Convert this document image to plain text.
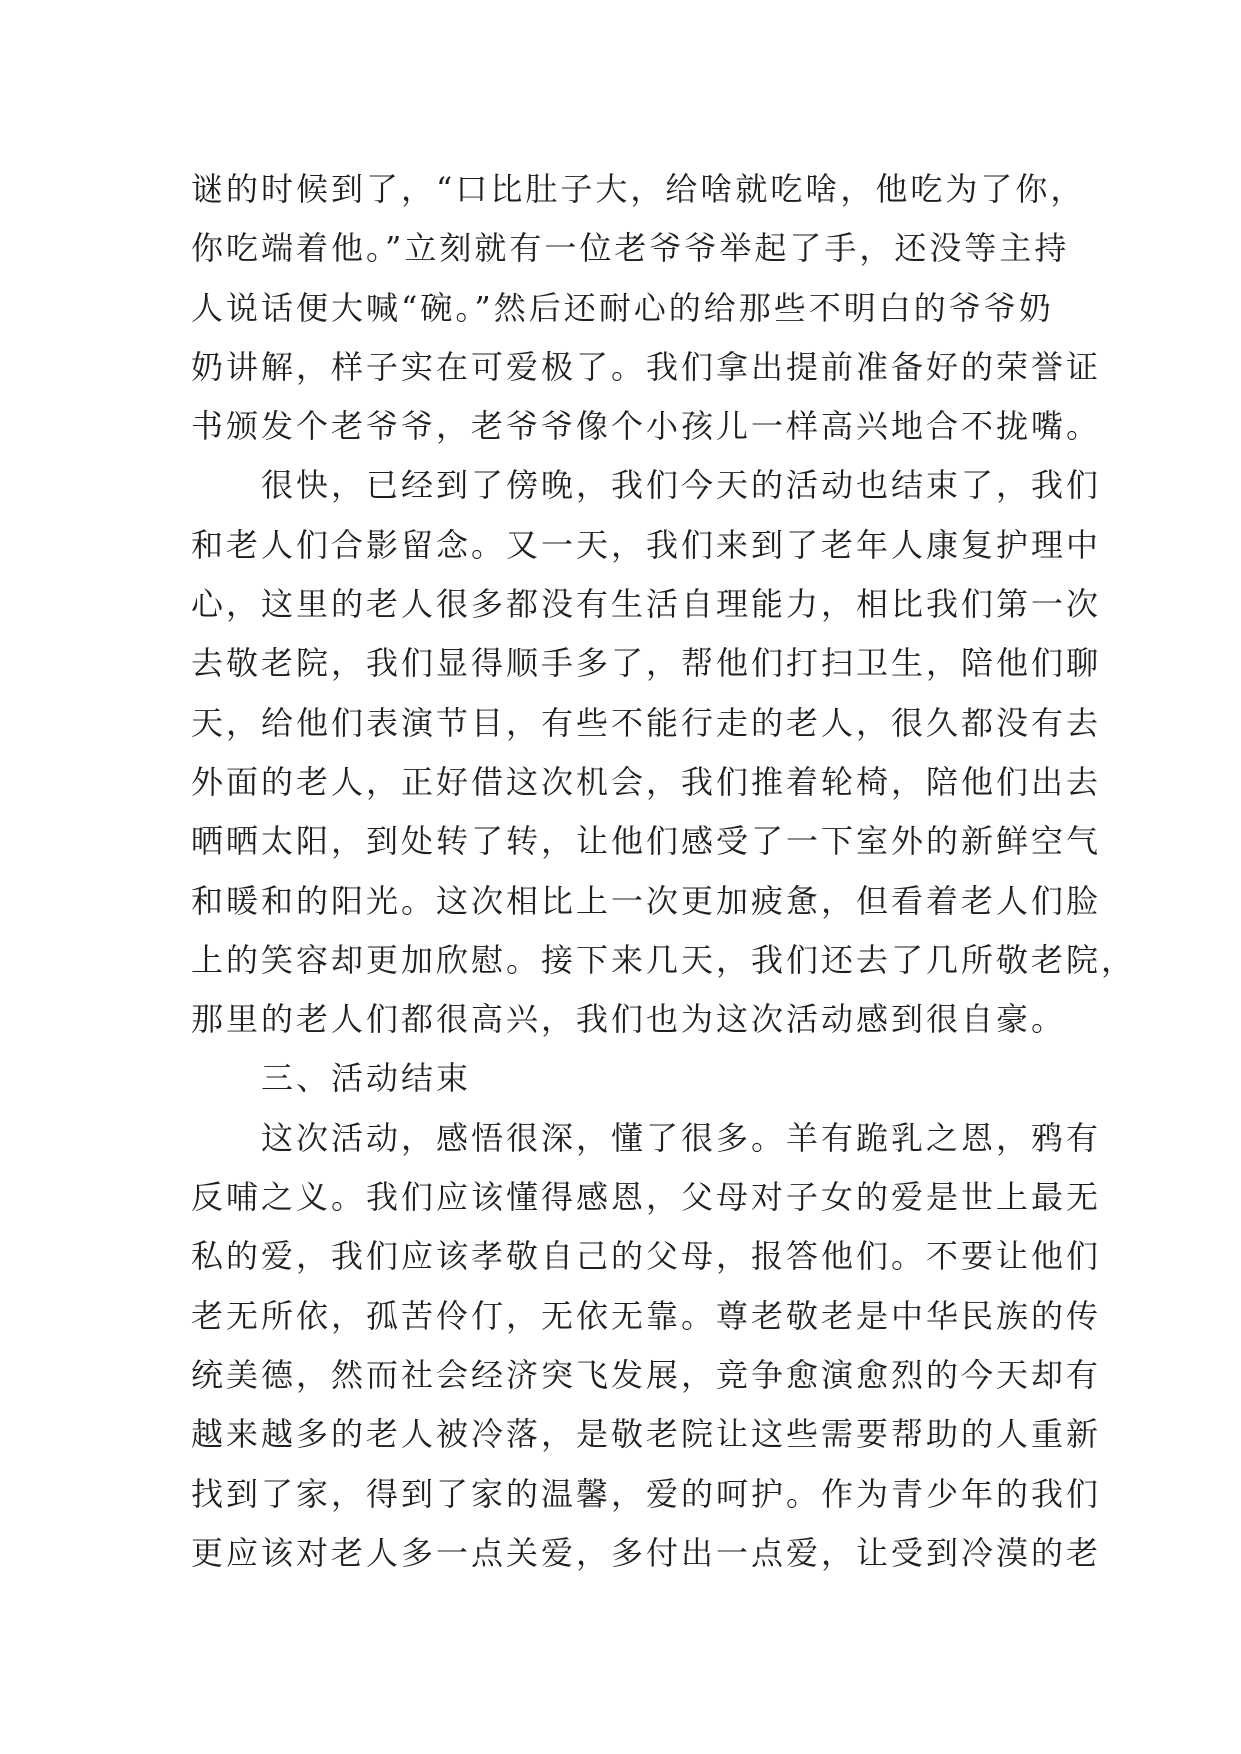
谜的时候到了，“口比肚子大，给啥就吃啥，他吃为了你，
你吃端着他。”立刻就有一位老爷爷举起了手，还没等主持
人说话便大喊“碗。”然后还耐心的给那些不明白的爷爷奶
奶讲解，样子实在可爱极了。我们拿出提前准备好的荣誉证
书颁发个老爷爷，老爷爷像个小孩儿一样高兴地合不拢嘴。
　　很快，已经到了傍晚，我们今天的活动也结束了，我们
和老人们合影留念。又一天，我们来到了老年人康复护理中
心，这里的老人很多都没有生活自理能力，相比我们第一次
去敬老院，我们显得顺手多了，帮他们打扫卫生，陪他们聊
天，给他们表演节目，有些不能行走的老人，很久都没有去
外面的老人，正好借这次机会，我们推着轮椅，陪他们出去
晒晒太阳，到处转了转，让他们感受了一下室外的新鲜空气
和暖和的阳光。这次相比上一次更加疲惫，但看着老人们脸
上的笑容却更加欣慰。接下来几天，我们还去了几所敬老院，
那里的老人们都很高兴，我们也为这次活动感到很自豪。
　　三、活动结束
　　这次活动，感悟很深，懂了很多。羊有跪乳之恩，鸦有
反哺之义。我们应该懂得感恩，父母对子女的爱是世上最无
私的爱，我们应该孝敬自己的父母，报答他们。不要让他们
老无所依，孤苦伶仃，无依无靠。尊老敬老是中华民族的传
统美德，然而社会经济突飞发展，竞争愈演愈烈的今天却有
越来越多的老人被冷落，是敬老院让这些需要帮助的人重新
找到了家，得到了家的温馨，爱的呵护。作为青少年的我们
更应该对老人多一点关爱，多付出一点爱，让受到冷漠的老
